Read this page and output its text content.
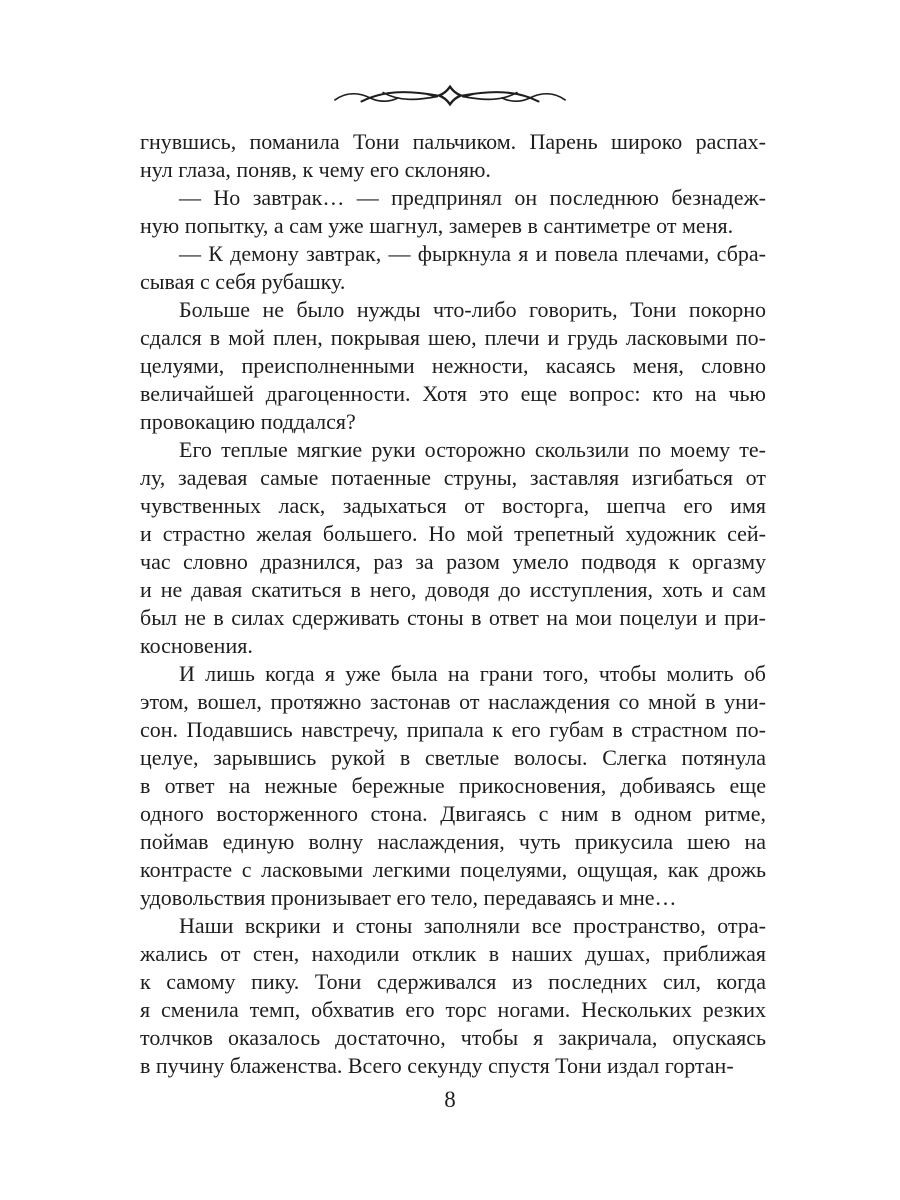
гнувшись, поманила Тони пальчиком. Парень широко распах-
нул глаза, поняв, к чему его склоняю.
— Но завтрак… — предпринял он последнюю безнадеж-
ную попытку, а сам уже шагнул, замерев в сантиметре от меня.
— К демону завтрак, — фыркнула я и повела плечами, сбра-
сывая с себя рубашку.
Больше не было нужды что-либо говорить, Тони покорно
сдался в мой плен, покрывая шею, плечи и грудь ласковыми по-
целуями, преисполненными нежности, касаясь меня, словно
величайшей драгоценности. Хотя это еще вопрос: кто на чью
провокацию поддался?
Его теплые мягкие руки осторожно скользили по моему те-
лу, задевая самые потаенные струны, заставляя изгибаться от
чувственных ласк, задыхаться от восторга, шепча его имя
и страстно желая большего. Но мой трепетный художник сей-
час словно дразнился, раз за разом умело подводя к оргазму
и не давая скатиться в него, доводя до исступления, хоть и сам
был не в силах сдерживать стоны в ответ на мои поцелуи и при-
косновения.
И лишь когда я уже была на грани того, чтобы молить об
этом, вошел, протяжно застонав от наслаждения со мной в уни-
сон. Подавшись навстречу, припала к его губам в страстном по-
целуе, зарывшись рукой в светлые волосы. Слегка потянула
в ответ на нежные бережные прикосновения, добиваясь еще
одного восторженного стона. Двигаясь с ним в одном ритме,
поймав единую волну наслаждения, чуть прикусила шею на
контрасте с ласковыми легкими поцелуями, ощущая, как дрожь
удовольствия пронизывает его тело, передаваясь и мне…
Наши вскрики и стоны заполняли все пространство, отра-
жались от стен, находили отклик в наших душах, приближая
к самому пику. Тони сдерживался из последних сил, когда
я сменила темп, обхватив его торс ногами. Нескольких резких
толчков оказалось достаточно, чтобы я закричала, опускаясь
в пучину блаженства. Всего секунду спустя Тони издал гортан-
8
